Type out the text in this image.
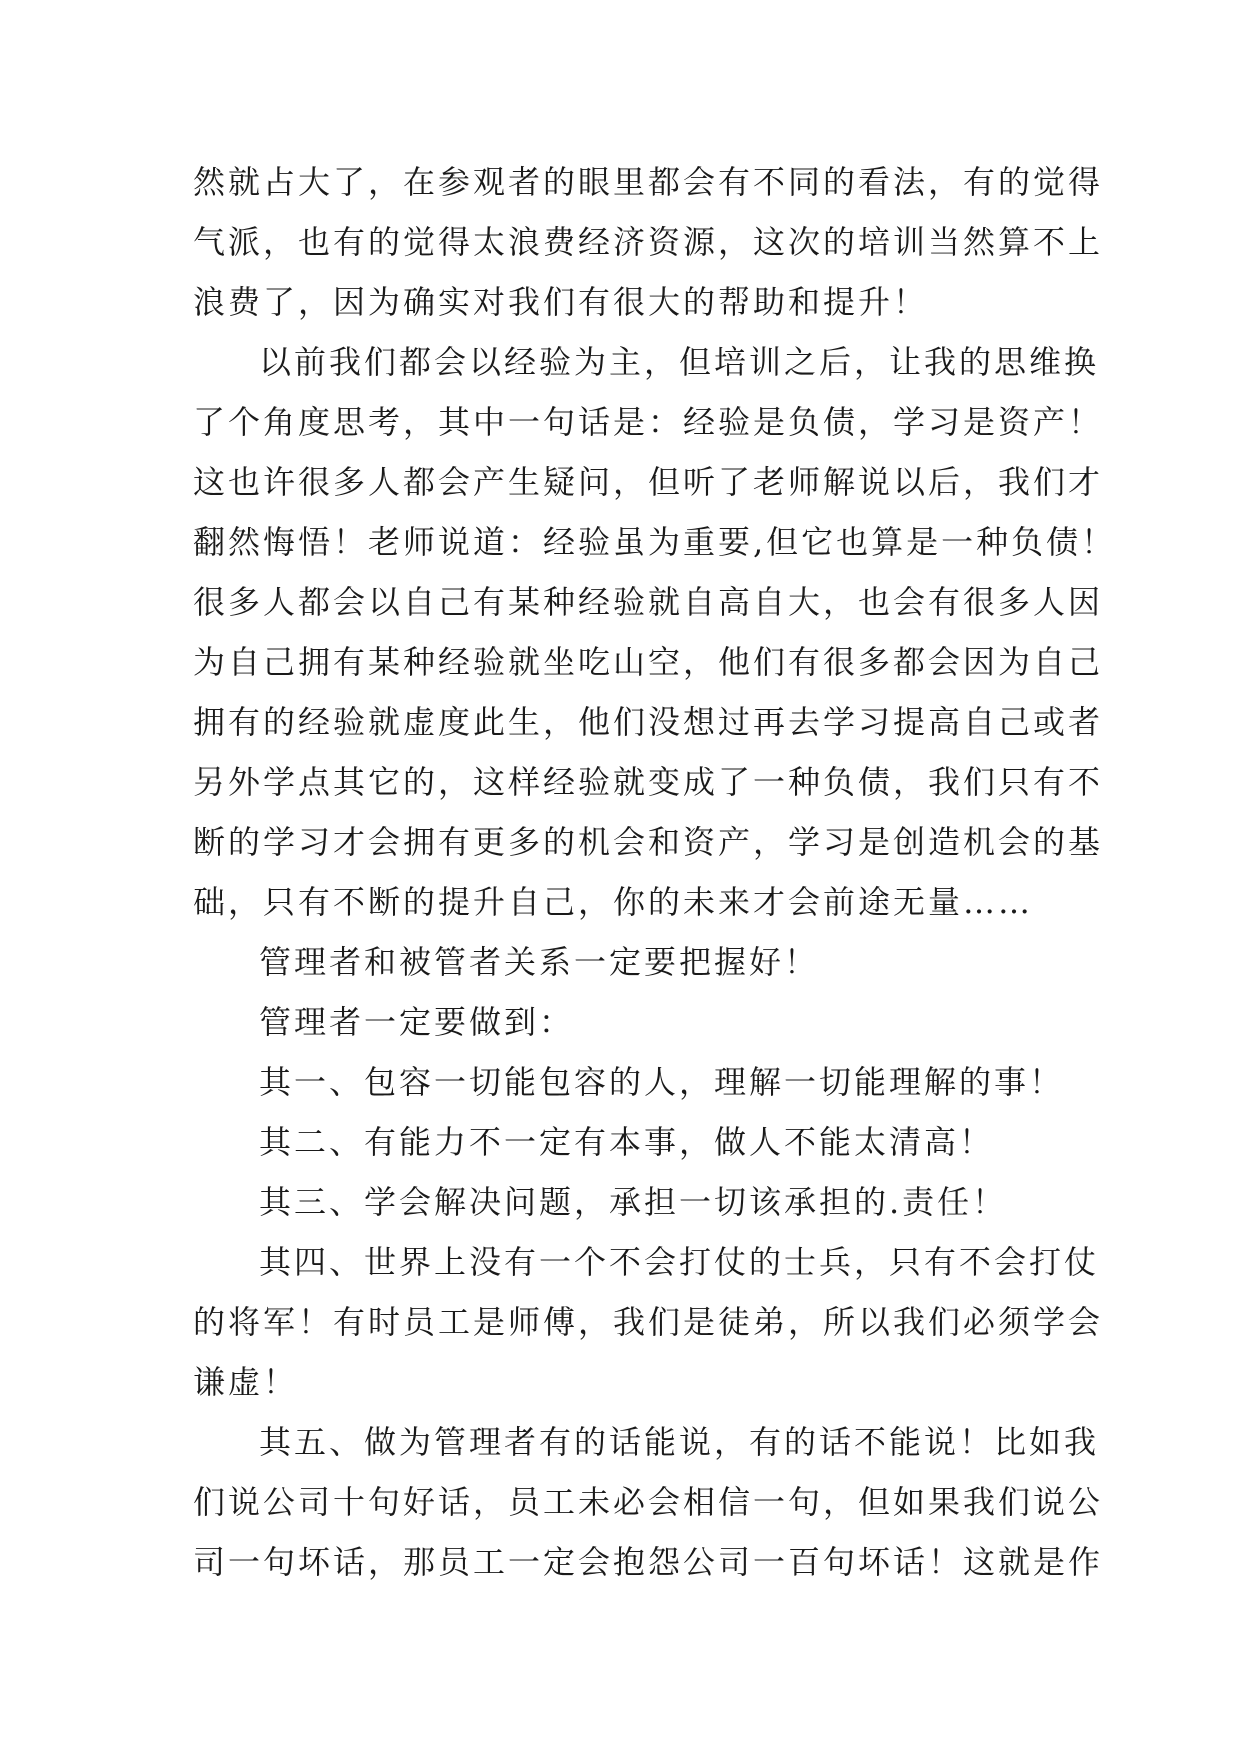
然就占大了，在参观者的眼里都会有不同的看法，有的觉得
气派，也有的觉得太浪费经济资源，这次的培训当然算不上
浪费了，因为确实对我们有很大的帮助和提升！
以前我们都会以经验为主，但培训之后，让我的思维换
了个角度思考，其中一句话是：经验是负债，学习是资产！
这也许很多人都会产生疑问，但听了老师解说以后，我们才
翻然悔悟！老师说道：经验虽为重要,但它也算是一种负债！
很多人都会以自己有某种经验就自高自大，也会有很多人因
为自己拥有某种经验就坐吃山空，他们有很多都会因为自己
拥有的经验就虚度此生，他们没想过再去学习提高自己或者
另外学点其它的，这样经验就变成了一种负债，我们只有不
断的学习才会拥有更多的机会和资产，学习是创造机会的基
础，只有不断的提升自己，你的未来才会前途无量……
管理者和被管者关系一定要把握好！
管理者一定要做到：
其一、包容一切能包容的人，理解一切能理解的事！
其二、有能力不一定有本事，做人不能太清高！
其三、学会解决问题，承担一切该承担的.责任！
其四、世界上没有一个不会打仗的士兵，只有不会打仗
的将军！有时员工是师傅，我们是徒弟，所以我们必须学会
谦虚！
其五、做为管理者有的话能说，有的话不能说！比如我
们说公司十句好话，员工未必会相信一句，但如果我们说公
司一句坏话，那员工一定会抱怨公司一百句坏话！这就是作
